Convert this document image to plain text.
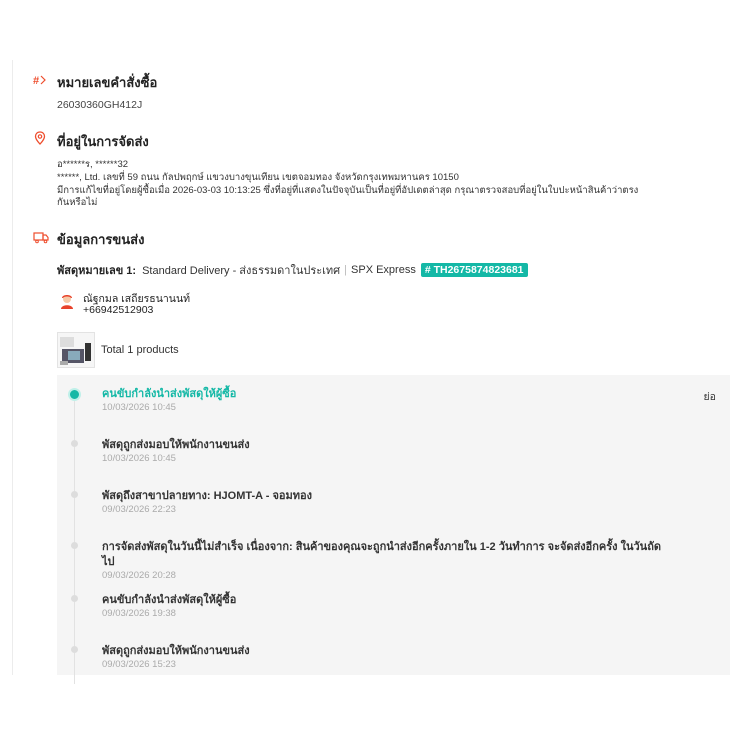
# หมายเลขคำสั่งซื้อ
26030360GH412J
ที่อยู่ในการจัดส่ง
อ******ร, ******32
******, Ltd. เลขที่ 59 ถนน กัลปพฤกษ์ แขวงบางขุนเทียน เขตจอมทอง จังหวัดกรุงเทพมหานคร 10150
มีการแก้ไขที่อยู่โดยผู้ซื้อเมื่อ 2026-03-03 10:13:25 ซึ่งที่อยู่ที่แสดงในปัจจุบันเป็นที่อยู่ที่อัปเดตล่าสุด กรุณาตรวจสอบที่อยู่ในใบปะหน้าสินค้าว่าตรง
กันหรือไม่
ข้อมูลการขนส่ง
พัสดุหมายเลข 1: Standard Delivery - ส่งธรรมดาในประเทศ | SPX Express # TH2675874823681
ณัฐกมล เสถียรธนานนท์
+66942512903
Total 1 products
ย่อ
คนขับกำลังนำส่งพัสดุให้ผู้ซื้อ
10/03/2026 10:45
พัสดุถูกส่งมอบให้พนักงานขนส่ง
10/03/2026 10:45
พัสดุถึงสาขาปลายทาง: HJOMT-A - จอมทอง
09/03/2026 22:23
การจัดส่งพัสดุในวันนี้ไม่สำเร็จ เนื่องจาก: สินค้าของคุณจะถูกนำส่งอีกครั้งภายใน 1-2 วันทำการ จะจัดส่งอีกครั้ง ในวันถัดไป
09/03/2026 20:28
คนขับกำลังนำส่งพัสดุให้ผู้ซื้อ
09/03/2026 19:38
พัสดุถูกส่งมอบให้พนักงานขนส่ง
09/03/2026 15:23
